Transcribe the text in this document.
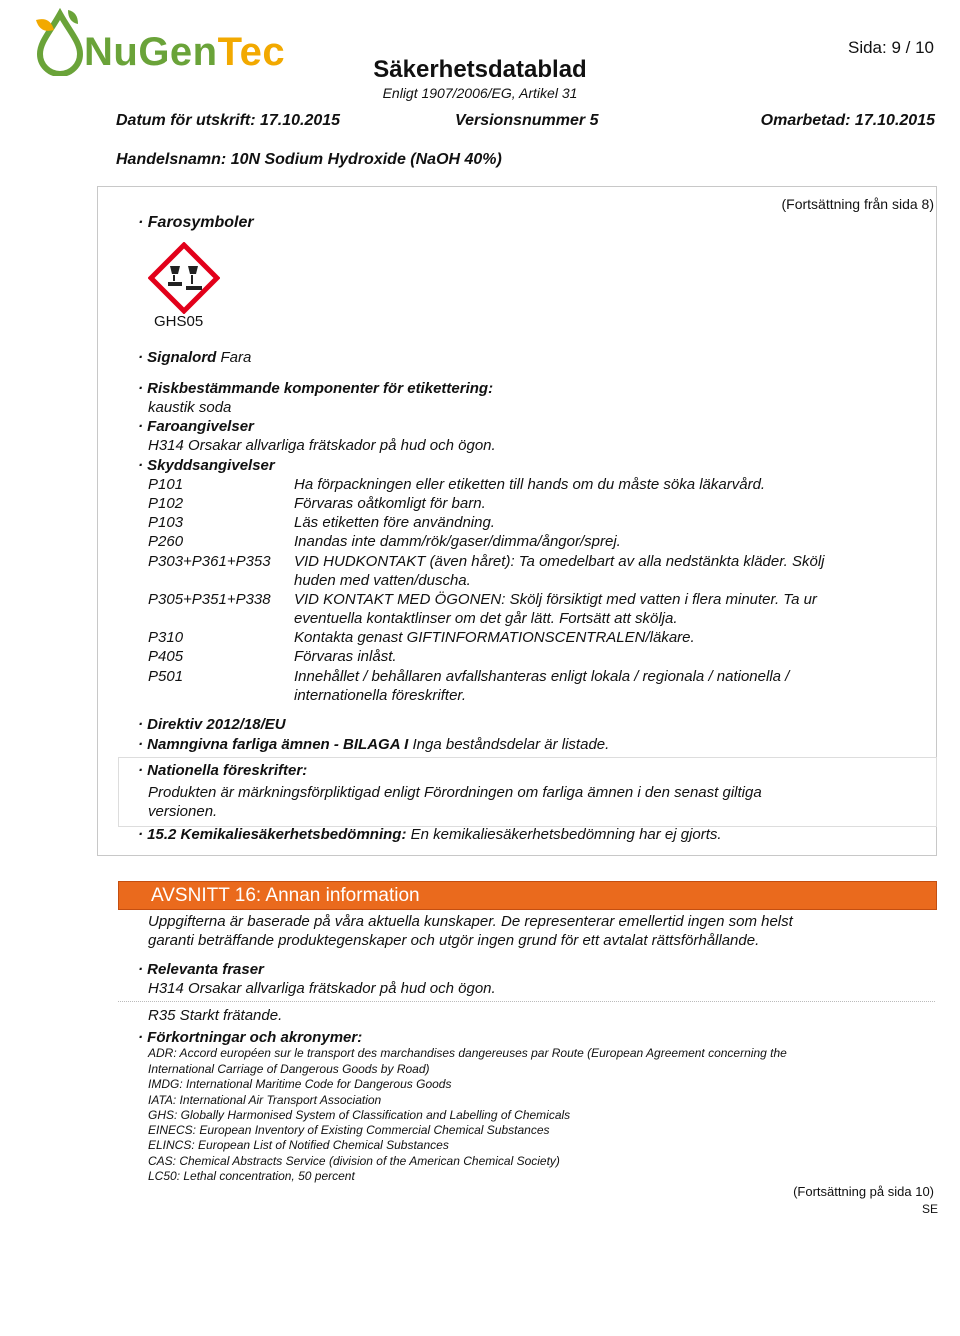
NuGenTec	Sida: 9 / 10
Säkerhetsdatablad
Enligt 1907/2006/EG, Artikel 31
Datum för utskrift: 17.10.2015	Versionsnummer 5	Omarbetad: 17.10.2015
Handelsnamn: 10N Sodium Hydroxide (NaOH 40%)
(Fortsättning från sida 8)
· Farosymboler
GHS05
· Signalord Fara
· Riskbestämmande komponenter för etikettering:
kaustik soda
· Faroangivelser
H314 Orsakar allvarliga frätskador på hud och ögon.
· Skyddsangivelser
P101	Ha förpackningen eller etiketten till hands om du måste söka läkarvård.
P102	Förvaras oåtkomligt för barn.
P103	Läs etiketten före användning.
P260	Inandas inte damm/rök/gaser/dimma/ångor/sprej.
P303+P361+P353 VID HUDKONTAKT (även håret): Ta omedelbart av alla nedstänkta kläder. Skölj
huden med vatten/duscha.
P305+P351+P338 VID KONTAKT MED ÖGONEN: Skölj försiktigt med vatten i flera minuter. Ta ur
eventuella kontaktlinser om det går lätt. Fortsätt att skölja.
P310	Kontakta genast GIFTINFORMATIONSCENTRALEN/läkare.
P405	Förvaras inlåst.
P501	Innehållet / behållaren avfallshanteras enligt lokala / regionala / nationella /
internationella föreskrifter.
· Direktiv 2012/18/EU
· Namngivna farliga ämnen - BILAGA I Inga beståndsdelar är listade.
· Nationella föreskrifter:
Produkten är märkningsförpliktigad enligt Förordningen om farliga ämnen i den senast giltiga
versionen.
· 15.2 Kemikaliesäkerhetsbedömning: En kemikaliesäkerhetsbedömning har ej gjorts.
AVSNITT 16: Annan information
Uppgifterna är baserade på våra aktuella kunskaper. De representerar emellertid ingen som helst
garanti beträffande produktegenskaper och utgör ingen grund för ett avtalat rättsförhållande.
· Relevanta fraser
H314 Orsakar allvarliga frätskador på hud och ögon.
R35 Starkt frätande.
· Förkortningar och akronymer:
ADR: Accord européen sur le transport des marchandises dangereuses par Route (European Agreement concerning the
International Carriage of Dangerous Goods by Road)
IMDG: International Maritime Code for Dangerous Goods
IATA: International Air Transport Association
GHS: Globally Harmonised System of Classification and Labelling of Chemicals
EINECS: European Inventory of Existing Commercial Chemical Substances
ELINCS: European List of Notified Chemical Substances
CAS: Chemical Abstracts Service (division of the American Chemical Society)
LC50: Lethal concentration, 50 percent
(Fortsättning på sida 10)
SE
